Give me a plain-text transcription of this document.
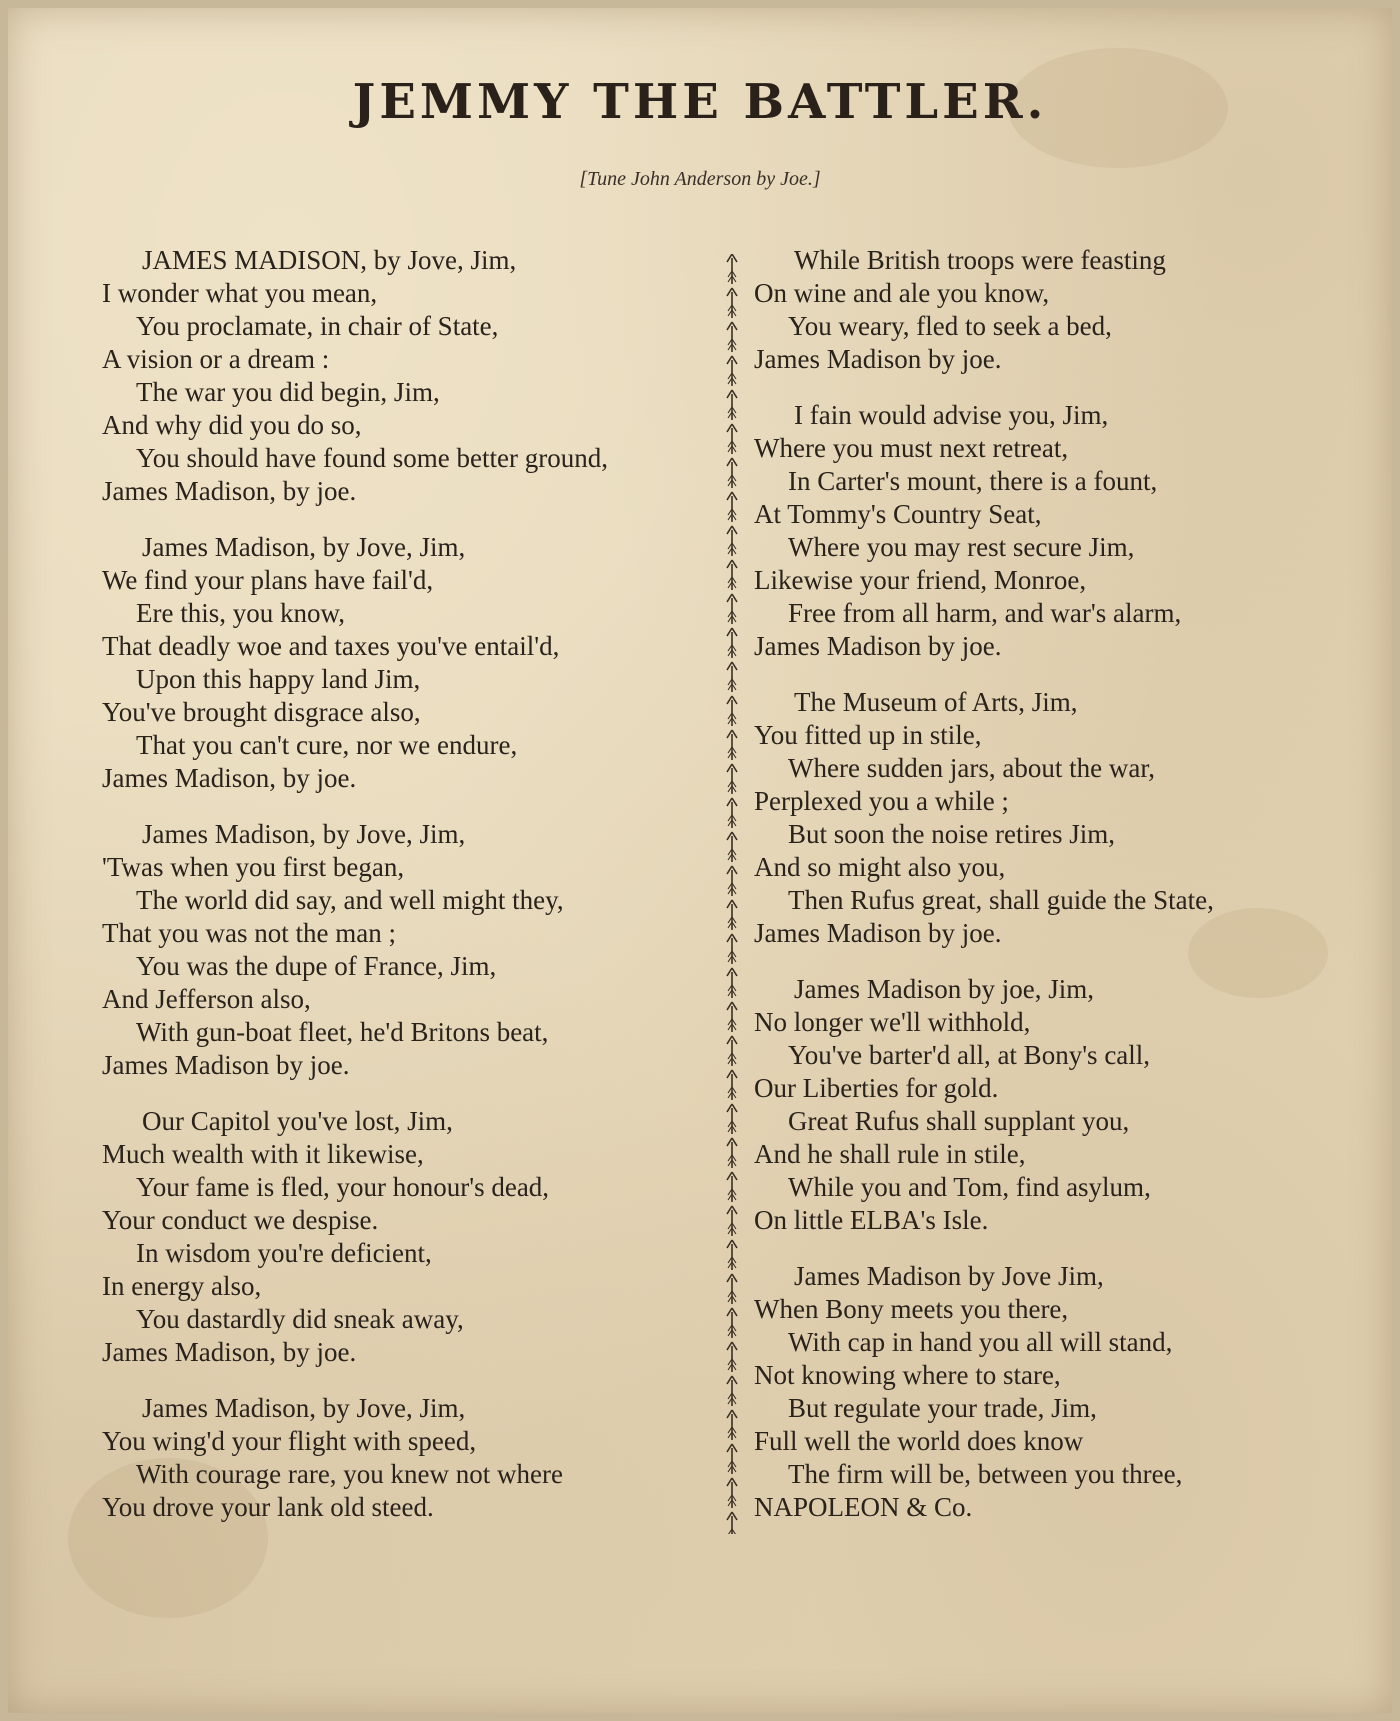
JEMMY THE BATTLER.
[Tune John Anderson by Joe.]
JAMES MADISON, by Jove, Jim,
I wonder what you mean,
You proclamate, in chair of State,
A vision or a dream :
The war you did begin, Jim,
And why did you do so,
You should have found some better ground,
James Madison, by joe.
James Madison, by Jove, Jim,
We find your plans have fail'd,
Ere this, you know,
That deadly woe and taxes you've entail'd,
Upon this happy land Jim,
You've brought disgrace also,
That you can't cure, nor we endure,
James Madison, by joe.
James Madison, by Jove, Jim,
'Twas when you first began,
The world did say, and well might they,
That you was not the man ;
You was the dupe of France, Jim,
And Jefferson also,
With gun-boat fleet, he'd Britons beat,
James Madison by joe.
Our Capitol you've lost, Jim,
Much wealth with it likewise,
Your fame is fled, your honour's dead,
Your conduct we despise.
In wisdom you're deficient,
In energy also,
You dastardly did sneak away,
James Madison, by joe.
James Madison, by Jove, Jim,
You wing'd your flight with speed,
With courage rare, you knew not where
You drove your lank old steed.
While British troops were feasting
On wine and ale you know,
You weary, fled to seek a bed,
James Madison by joe.
I fain would advise you, Jim,
Where you must next retreat,
In Carter's mount, there is a fount,
At Tommy's Country Seat,
Where you may rest secure Jim,
Likewise your friend, Monroe,
Free from all harm, and war's alarm,
James Madison by joe.
The Museum of Arts, Jim,
You fitted up in stile,
Where sudden jars, about the war,
Perplexed you a while ;
But soon the noise retires Jim,
And so might also you,
Then Rufus great, shall guide the State,
James Madison by joe.
James Madison by joe, Jim,
No longer we'll withhold,
You've barter'd all, at Bony's call,
Our Liberties for gold.
Great Rufus shall supplant you,
And he shall rule in stile,
While you and Tom, find asylum,
On little ELBA's Isle.
James Madison by Jove Jim,
When Bony meets you there,
With cap in hand you all will stand,
Not knowing where to stare,
But regulate your trade, Jim,
Full well the world does know
The firm will be, between you three,
NAPOLEON & Co.
